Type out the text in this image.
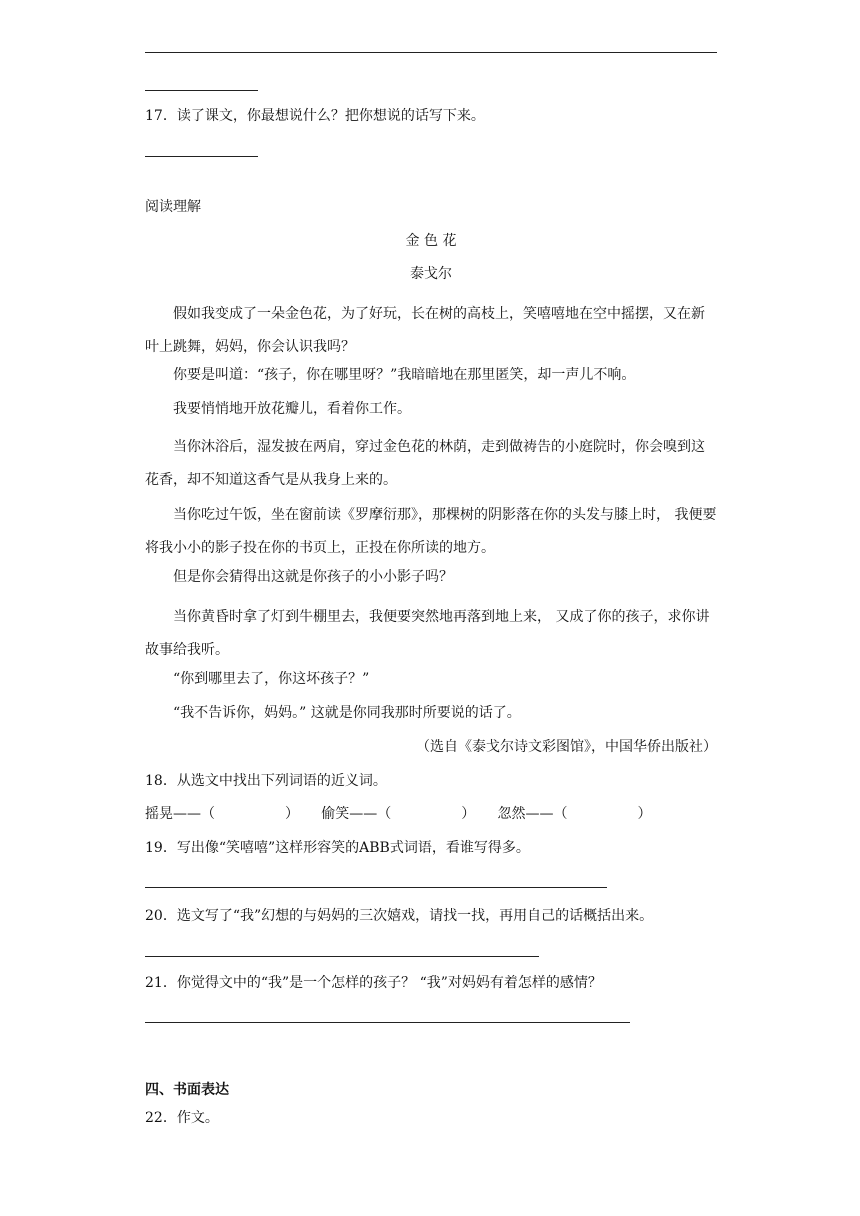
17．读了课文，你最想说什么？把你想说的话写下来。
阅读理解
金 色 花
泰戈尔
假如我变成了一朵金色花，为了好玩，长在树的高枝上，笑嘻嘻地在空中摇摆，又在新叶上跳舞，妈妈，你会认识我吗？
你要是叫道：“孩子，你在哪里呀？”我暗暗地在那里匿笑，却一声儿不响。
我要悄悄地开放花瓣儿，看着你工作。
当你沐浴后，湿发披在两肩，穿过金色花的林荫，走到做祷告的小庭院时，你会嗅到这花香，却不知道这香气是从我身上来的。
当你吃过午饭，坐在窗前读《罗摩衍那》，那棵树的阴影落在你的头发与膝上时， 我便要将我小小的影子投在你的书页上，正投在你所读的地方。
但是你会猜得出这就是你孩子的小小影子吗？
当你黄昏时拿了灯到牛棚里去，我便要突然地再落到地上来， 又成了你的孩子，求你讲故事给我听。
“你到哪里去了，你这坏孩子？”
“我不告诉你，妈妈。” 这就是你同我那时所要说的话了。
（选自《泰戈尔诗文彩图馆》，中国华侨出版社）
18．从选文中找出下列词语的近义词。
摇晃——（	） 偷笑——（	） 忽然——（	）
19．写出像“笑嘻嘻”这样形容笑的ABB式词语，看谁写得多。
20．选文写了“我”幻想的与妈妈的三次嬉戏，请找一找，再用自己的话概括出来。
21．你觉得文中的“我”是一个怎样的孩子？ “我”对妈妈有着怎样的感情？
四、书面表达
22．作文。
